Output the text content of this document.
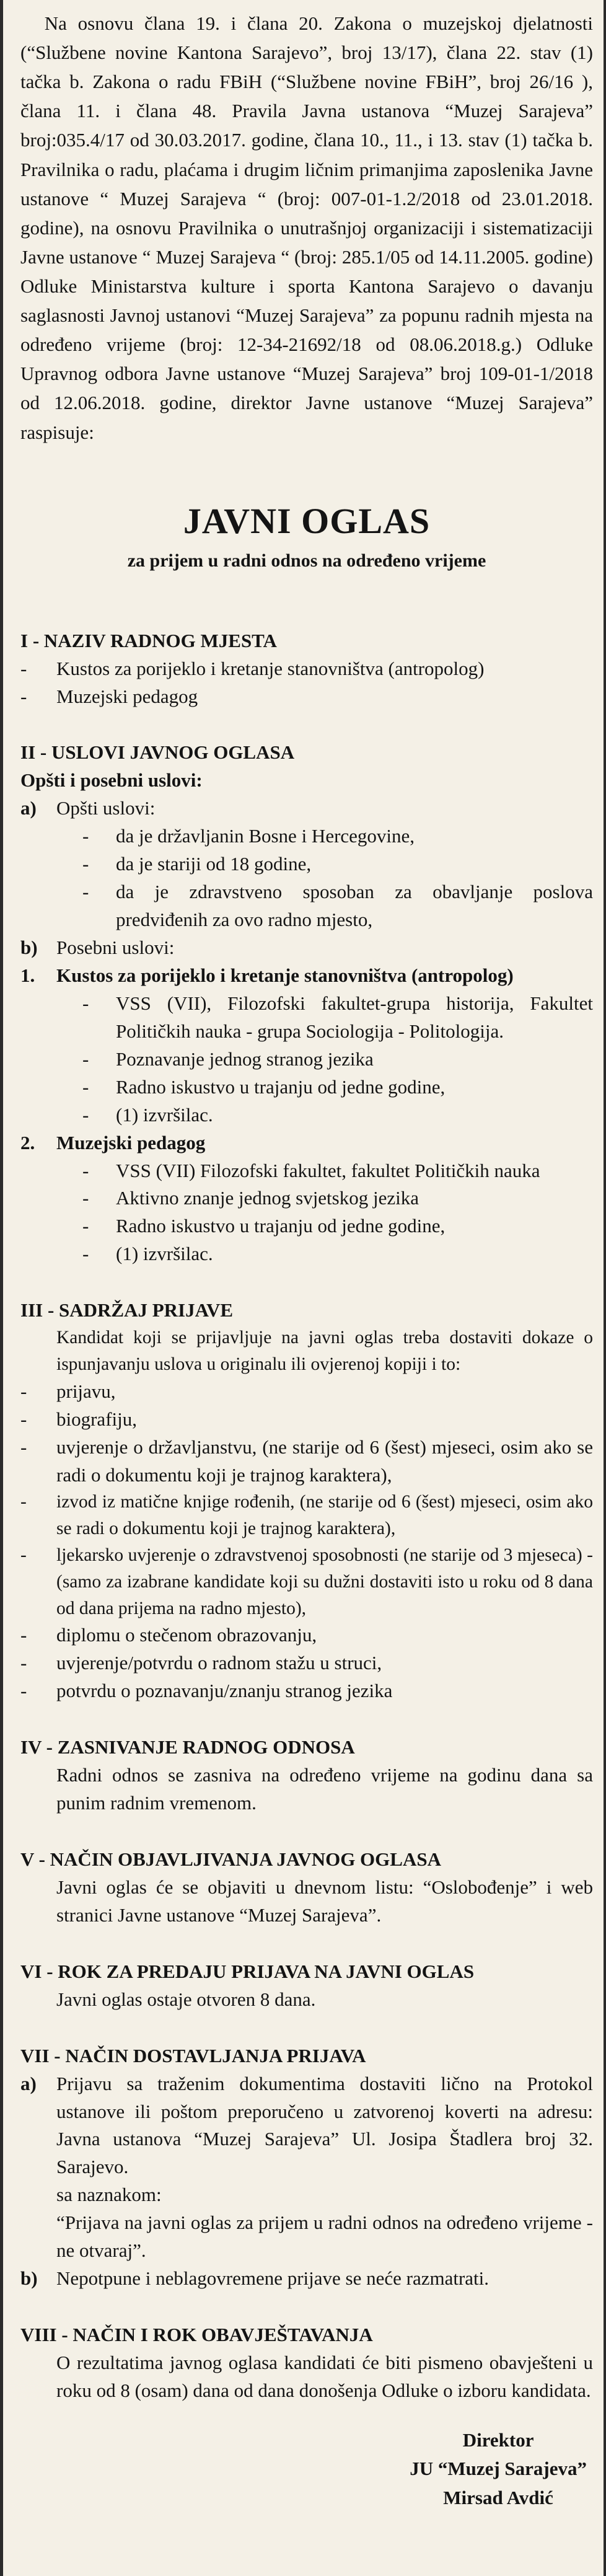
Na osnovu člana 19. i člana 20. Zakona o muzejskoj djelatnosti (“Službene novine Kantona Sarajevo”, broj 13/17), člana 22. stav (1) tačka b. Zakona o radu FBiH (“Službene novine FBiH”, broj 26/16 ), člana 11. i člana 48. Pravila Javna ustanova “Muzej Sarajeva” broj:035.4/17 od 30.03.2017. godine, člana 10., 11., i 13. stav (1) tačka b. Pravilnika o radu, plaćama i drugim ličnim primanjima zaposlenika Javne ustanove “ Muzej Sarajeva “ (broj: 007-01-1.2/2018 od 23.01.2018. godine), na osnovu Pravilnika o unutrašnjoj organizaciji i sistematizaciji Javne ustanove “ Muzej Sarajeva “ (broj: 285.1/05 od 14.11.2005. godine) Odluke Ministarstva kulture i sporta Kantona Sarajevo o davanju saglasnosti Javnoj ustanovi “Muzej Sarajeva” za popunu radnih mjesta na određeno vrijeme (broj: 12-34-21692/18 od 08.06.2018.g.) Odluke Upravnog odbora Javne ustanove “Muzej Sarajeva” broj 109-01-1/2018 od 12.06.2018. godine, direktor Javne ustanove “Muzej Sarajeva” raspisuje:

JAVNI OGLAS
za prijem u radni odnos na određeno vrijeme
I - NAZIV RADNOG MJESTA
-	Kustos za porijeklo i kretanje stanovništva (antropolog)
-	Muzejski pedagog
II - USLOVI JAVNOG OGLASA
Opšti i posebni uslovi:
a)	Opšti uslovi:
-	da je državljanin Bosne i Hercegovine,
-	da je stariji od 18 godine,
-	da je zdravstveno sposoban za obavljanje poslova predviđenih za ovo radno mjesto,
b) Posebni uslovi:
1.	Kustos za porijeklo i kretanje stanovništva (antropolog)
-	VSS (VII), Filozofski fakultet-grupa historija, Fakultet Političkih nauka - grupa Sociologija - Politologija.
-	Poznavanje jednog stranog jezika
-	Radno iskustvo u trajanju od jedne godine,
-	(1) izvršilac.
2.	Muzejski pedagog
-	VSS (VII) Filozofski fakultet, fakultet Političkih nauka
-	Aktivno znanje jednog svjetskog jezika
-	Radno iskustvo u trajanju od jedne godine,
-	(1) izvršilac.
III - SADRŽAJ PRIJAVE
Kandidat koji se prijavljuje na javni oglas treba dostaviti dokaze o ispunjavanju uslova u originalu ili ovjerenoj kopiji i to:
-	prijavu,
-	biografiju,
-	uvjerenje o državljanstvu, (ne starije od 6 (šest) mjeseci, osim ako se radi o dokumentu koji je trajnog karaktera),
-	izvod iz matične knjige rođenih, (ne starije od 6 (šest) mjeseci, osim ako se radi o dokumentu koji je trajnog karaktera),
-	ljekarsko uvjerenje o zdravstvenoj sposobnosti (ne starije od 3 mjeseca) - (samo za izabrane kandidate koji su dužni dostaviti isto u roku od 8 dana od dana prijema na radno mjesto),
-	diplomu o stečenom obrazovanju,
-	uvjerenje/potvrdu o radnom stažu u struci,
-	potvrdu o poznavanju/znanju stranog jezika
IV - ZASNIVANJE RADNOG ODNOSA
Radni odnos se zasniva na određeno vrijeme na godinu dana sa punim radnim vremenom.
V - NAČIN OBJAVLJIVANJA JAVNOG OGLASA
Javni oglas će se objaviti u dnevnom listu: “Oslobođenje” i web stranici Javne ustanove “Muzej Sarajeva”.
VI - ROK ZA PREDAJU PRIJAVA NA JAVNI OGLAS
Javni oglas ostaje otvoren 8 dana.
VII - NAČIN DOSTAVLJANJA PRIJAVA
a)	Prijavu sa traženim dokumentima dostaviti lično na Protokol ustanove ili poštom preporučeno u zatvorenoj koverti na adresu: Javna ustanova “Muzej Sarajeva” Ul. Josipa Štadlera broj 32. Sarajevo.
sa naznakom:
“Prijava na javni oglas za prijem u radni odnos na određeno vrijeme - ne otvaraj”.
b) Nepotpune i neblagovremene prijave se neće razmatrati.
VIII - NAČIN I ROK OBAVJEŠTAVANJA
O rezultatima javnog oglasa kandidati će biti pismeno obavješteni u roku od 8 (osam) dana od dana donošenja Odluke o izboru kandidata.
Direktor
JU “Muzej Sarajeva”
Mirsad Avdić
